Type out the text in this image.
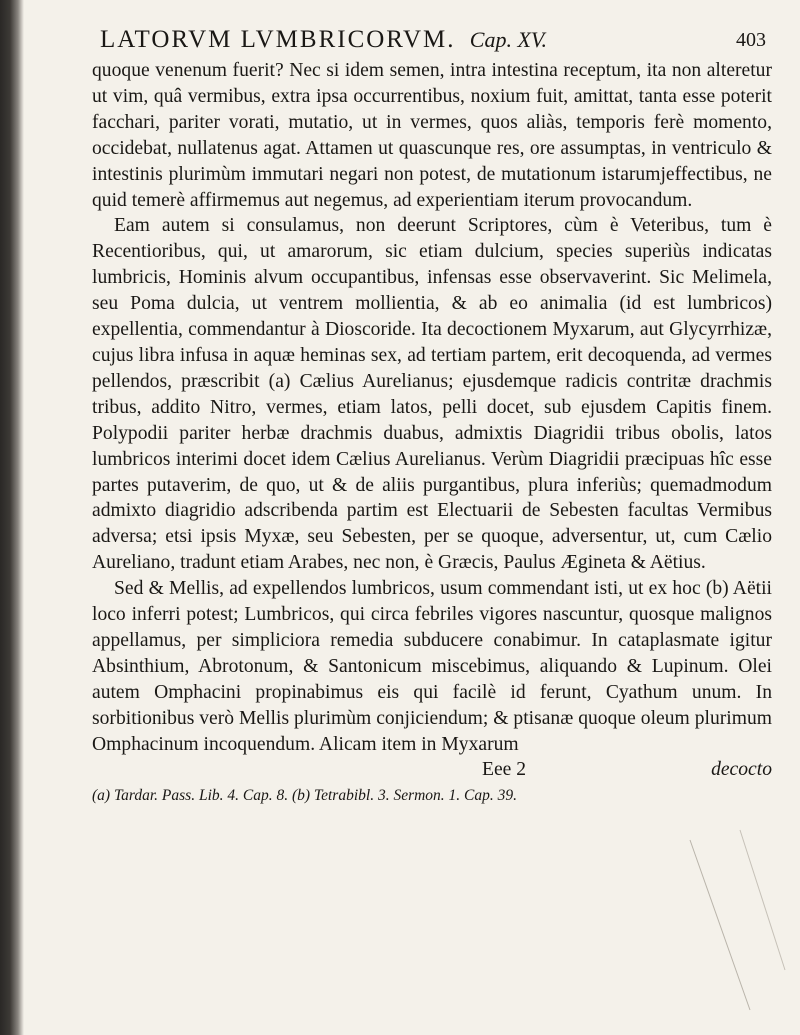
LATORVM LVMBRICORVM. Cap. XV.	403

quoque venenum fuerit? Nec si idem semen, intra intestina receptum, ita non alteretur ut vim, quâ vermibus, extra ipsa occurrentibus, noxium fuit, amittat, tanta esse poterit facchari, pariter vorati, mutatio, ut in vermes, quos aliàs, temporis ferè momento, occidebat, nullatenus agat. Attamen ut quascunque res, ore assumptas, in ventriculo & intestinis plurimùm immutari negari non potest, de mutationum istarumjeffectibus, ne quid temerè affirmemus aut negemus, ad experientiam iterum provocandum.

Eam autem si consulamus, non deerunt Scriptores, cùm è Veteribus, tum è Recentioribus, qui, ut amarorum, sic etiam dulcium, species superiùs indicatas lumbricis, Hominis alvum occupantibus, infensas esse observaverint. Sic Melimela, seu Poma dulcia, ut ventrem mollientia, & ab eo animalia (id est lumbricos) expellentia, commendantur à Dioscoride. Ita decoctionem Myxarum, aut Glycyrrhizæ, cujus libra infusa in aquæ heminas sex, ad tertiam partem, erit decoquenda, ad vermes pellendos, præscribit (a) Cælius Aurelianus; ejusdemque radicis contritæ drachmis tribus, addito Nitro, vermes, etiam latos, pelli docet, sub ejusdem Capitis finem. Polypodii pariter herbæ drachmis duabus, admixtis Diagridii tribus obolis, latos lumbricos interimi docet idem Cælius Aurelianus. Verùm Diagridii præcipuas hîc esse partes putaverim, de quo, ut & de aliis purgantibus, plura inferiùs; quemadmodum admixto diagridio adscribenda partim est Electuarii de Sebesten facultas Vermibus adversa; etsi ipsis Myxæ, seu Sebesten, per se quoque, adversentur, ut, cum Cælio Aureliano, tradunt etiam Arabes, nec non, è Græcis, Paulus Ægineta & Aëtius.

Sed & Mellis, ad expellendos lumbricos, usum commendant isti, ut ex hoc (b) Aëtii loco inferri potest; Lumbricos, qui circa febriles vigores nascuntur, quosque malignos appellamus, per simpliciora remedia subducere conabimur. In cataplasmate igitur Absinthium, Abrotonum, & Santonicum miscebimus, aliquando & Lupinum. Olei autem Omphacini propinabimus eis qui facilè id ferunt, Cyathum unum. In sorbitionibus verò Mellis plurimùm conjiciendum; & ptisanæ quoque oleum plurimum Omphacinum incoquendum. Alicam item in Myxarum

Eee 2	decocto
(a) Tardar. Pass. Lib. 4. Cap. 8. (b) Tetrabibl. 3. Sermon. 1. Cap. 39.
